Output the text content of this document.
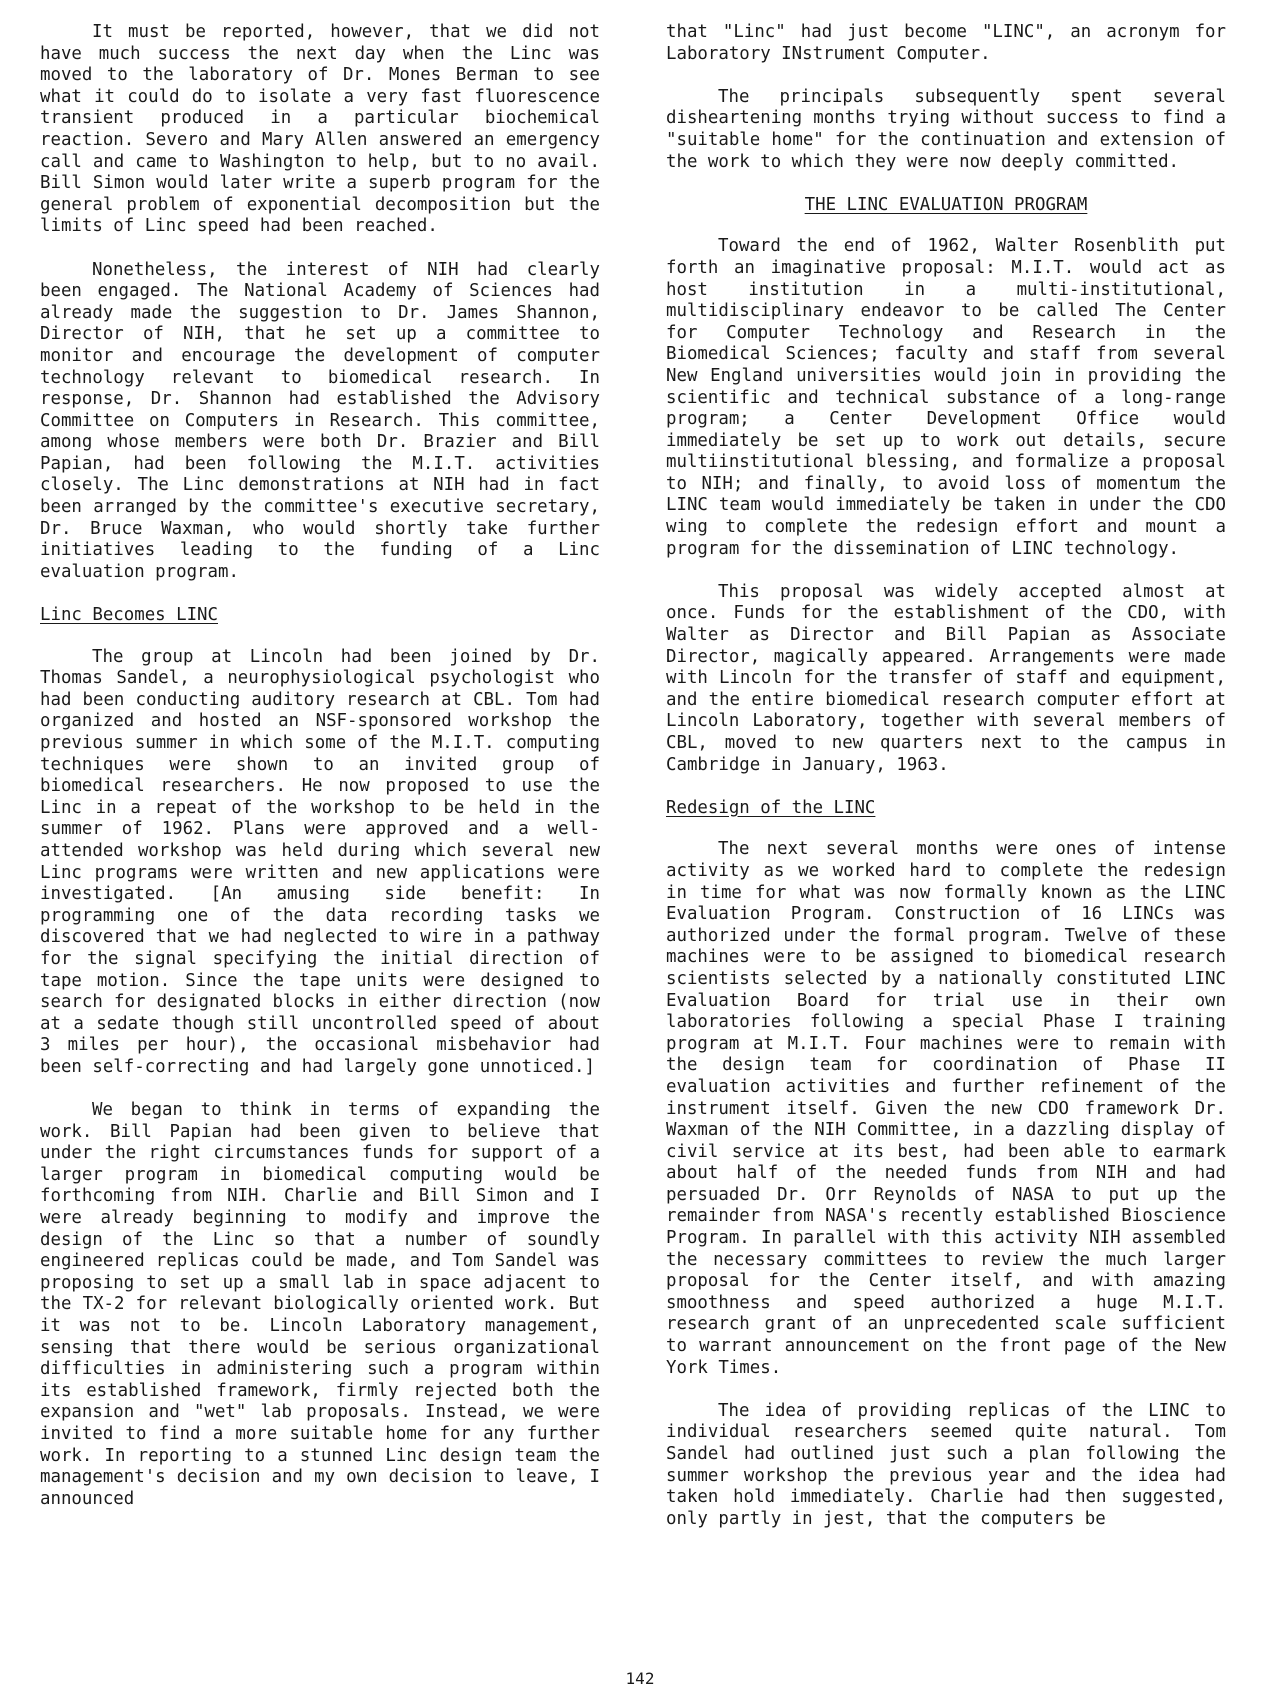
It must be reported, however, that we did not have much success the next day when the Linc was moved to the laboratory of Dr. Mones Berman to see what it could do to isolate a very fast fluorescence transient produced in a particular biochemical reaction. Severo and Mary Allen answered an emergency call and came to Washington to help, but to no avail. Bill Simon would later write a superb program for the general problem of exponential decomposition but the limits of Linc speed had been reached.

Nonetheless, the interest of NIH had clearly been engaged. The National Academy of Sciences had already made the suggestion to Dr. James Shannon, Director of NIH, that he set up a committee to monitor and encourage the development of computer technology relevant to biomedical research. In response, Dr. Shannon had established the Advisory Committee on Computers in Research. This committee, among whose members were both Dr. Brazier and Bill Papian, had been following the M.I.T. activities closely. The Linc demonstrations at NIH had in fact been arranged by the committee's executive secretary, Dr. Bruce Waxman, who would shortly take further initiatives leading to the funding of a Linc evaluation program.

Linc Becomes LINC

The group at Lincoln had been joined by Dr. Thomas Sandel, a neurophysiological psychologist who had been conducting auditory research at CBL. Tom had organized and hosted an NSF-sponsored workshop the previous summer in which some of the M.I.T. computing techniques were shown to an invited group of biomedical researchers. He now proposed to use the Linc in a repeat of the workshop to be held in the summer of 1962. Plans were approved and a well-attended workshop was held during which several new Linc programs were written and new applications were investigated. [An amusing side benefit: In programming one of the data recording tasks we discovered that we had neglected to wire in a pathway for the signal specifying the initial direction of tape motion. Since the tape units were designed to search for designated blocks in either direction (now at a sedate though still uncontrolled speed of about 3 miles per hour), the occasional misbehavior had been self-correcting and had largely gone unnoticed.]

We began to think in terms of expanding the work. Bill Papian had been given to believe that under the right circumstances funds for support of a larger program in biomedical computing would be forthcoming from NIH. Charlie and Bill Simon and I were already beginning to modify and improve the design of the Linc so that a number of soundly engineered replicas could be made, and Tom Sandel was proposing to set up a small lab in space adjacent to the TX-2 for relevant biologically oriented work. But it was not to be. Lincoln Laboratory management, sensing that there would be serious organizational difficulties in administering such a program within its established framework, firmly rejected both the expansion and "wet" lab proposals. Instead, we were invited to find a more suitable home for any further work. In reporting to a stunned Linc design team the management's decision and my own decision to leave, I announced

that "Linc" had just become "LINC", an acronym for Laboratory INstrument Computer.

The principals subsequently spent several disheartening months trying without success to find a "suitable home" for the continuation and extension of the work to which they were now deeply committed.

THE LINC EVALUATION PROGRAM

Toward the end of 1962, Walter Rosenblith put forth an imaginative proposal: M.I.T. would act as host institution in a multi-institutional, multidisciplinary endeavor to be called The Center for Computer Technology and Research in the Biomedical Sciences; faculty and staff from several New England universities would join in providing the scientific and technical substance of a long-range program; a Center Development Office would immediately be set up to work out details, secure multiinstitutional blessing, and formalize a proposal to NIH; and finally, to avoid loss of momentum the LINC team would immediately be taken in under the CDO wing to complete the redesign effort and mount a program for the dissemination of LINC technology.

This proposal was widely accepted almost at once. Funds for the establishment of the CDO, with Walter as Director and Bill Papian as Associate Director, magically appeared. Arrangements were made with Lincoln for the transfer of staff and equipment, and the entire biomedical research computer effort at Lincoln Laboratory, together with several members of CBL, moved to new quarters next to the campus in Cambridge in January, 1963.

Redesign of the LINC

The next several months were ones of intense activity as we worked hard to complete the redesign in time for what was now formally known as the LINC Evaluation Program. Construction of 16 LINCs was authorized under the formal program. Twelve of these machines were to be assigned to biomedical research scientists selected by a nationally constituted LINC Evaluation Board for trial use in their own laboratories following a special Phase I training program at M.I.T. Four machines were to remain with the design team for coordination of Phase II evaluation activities and further refinement of the instrument itself. Given the new CDO framework Dr. Waxman of the NIH Committee, in a dazzling display of civil service at its best, had been able to earmark about half of the needed funds from NIH and had persuaded Dr. Orr Reynolds of NASA to put up the remainder from NASA's recently established Bioscience Program. In parallel with this activity NIH assembled the necessary committees to review the much larger proposal for the Center itself, and with amazing smoothness and speed authorized a huge M.I.T. research grant of an unprecedented scale sufficient to warrant announcement on the front page of the New York Times.

The idea of providing replicas of the LINC to individual researchers seemed quite natural. Tom Sandel had outlined just such a plan following the summer workshop the previous year and the idea had taken hold immediately. Charlie had then suggested, only partly in jest, that the computers be

142
